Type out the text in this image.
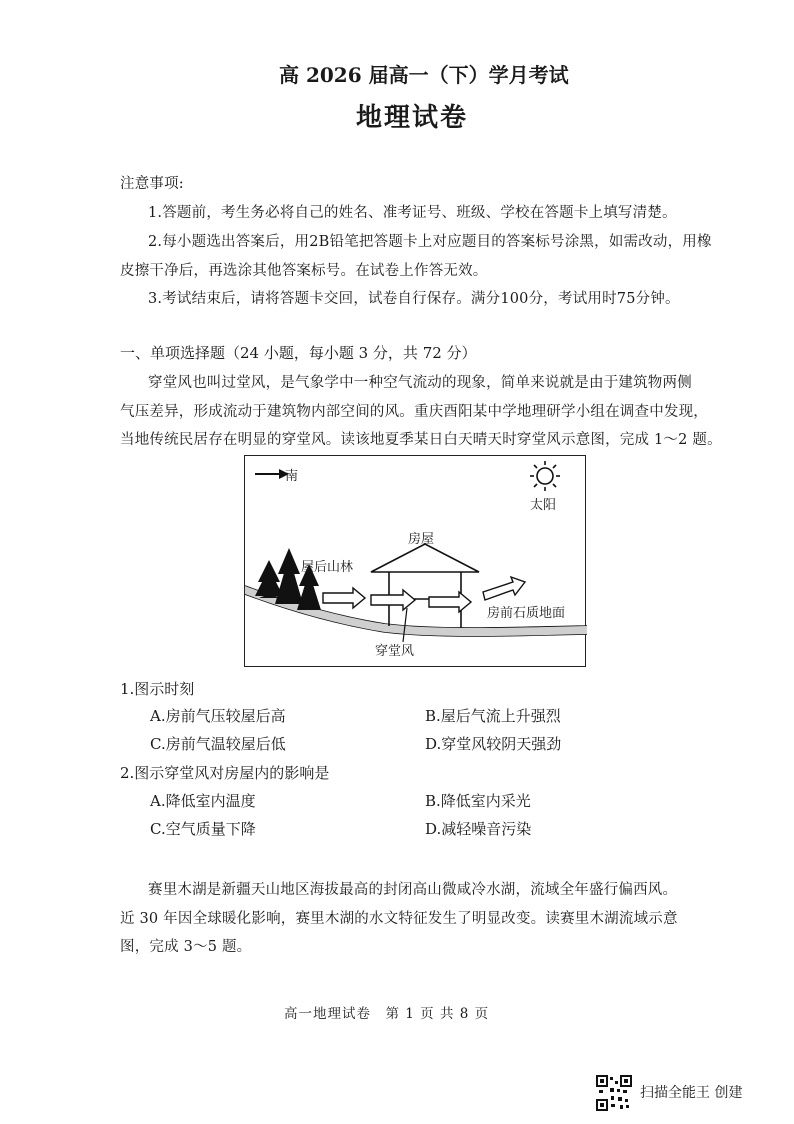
高 2026 届高一（下）学月考试
地理试卷
注意事项:
1.答题前，考生务必将自己的姓名、准考证号、班级、学校在答题卡上填写清楚。
2.每小题选出答案后，用2B铅笔把答题卡上对应题目的答案标号涂黑，如需改动，用橡
皮擦干净后，再选涂其他答案标号。在试卷上作答无效。
3.考试结束后，请将答题卡交回，试卷自行保存。满分100分，考试用时75分钟。
一、单项选择题（24 小题，每小题 3 分，共 72 分）
穿堂风也叫过堂风，是气象学中一种空气流动的现象，简单来说就是由于建筑物两侧
气压差异，形成流动于建筑物内部空间的风。重庆酉阳某中学地理研学小组在调查中发现，
当地传统民居存在明显的穿堂风。读该地夏季某日白天晴天时穿堂风示意图，完成 1～2 题。
南
太阳
房屋
屋后山林
房前石质地面
穿堂风
1.图示时刻
A.房前气压较屋后高	B.屋后气流上升强烈
C.房前气温较屋后低	D.穿堂风较阴天强劲
2.图示穿堂风对房屋内的影响是
A.降低室内温度	B.降低室内采光
C.空气质量下降	D.减轻噪音污染
赛里木湖是新疆天山地区海拔最高的封闭高山微咸冷水湖，流域全年盛行偏西风。
近 30 年因全球暖化影响，赛里木湖的水文特征发生了明显改变。读赛里木湖流域示意
图，完成 3～5 题。
高一地理试卷　第 1 页 共 8 页
扫描全能王 创建
